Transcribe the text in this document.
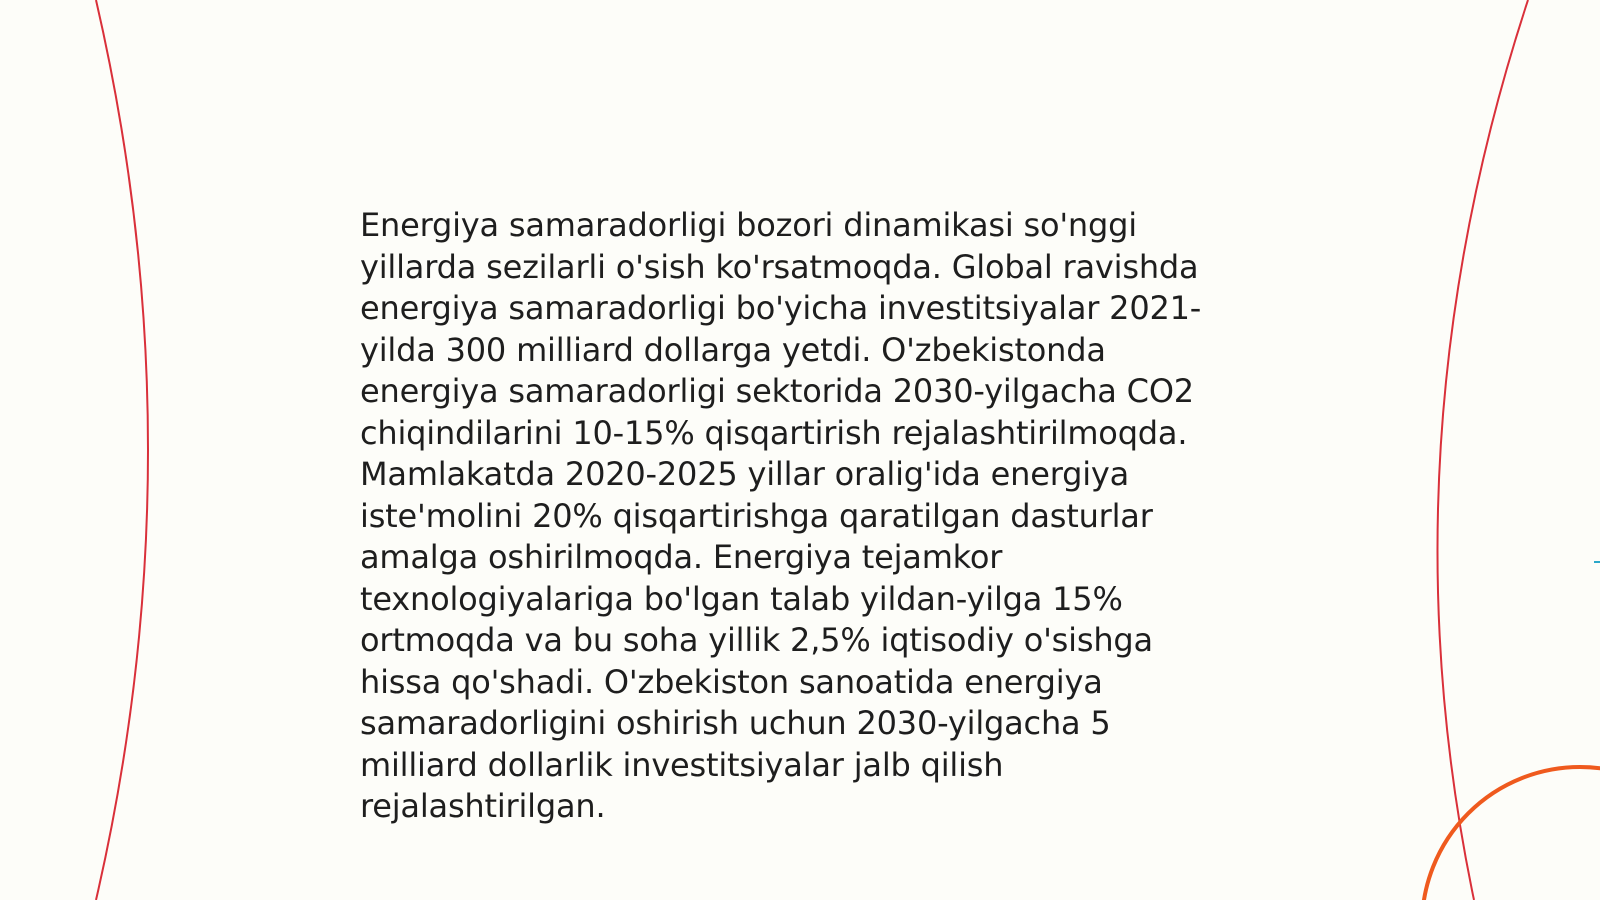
Energiya samaradorligi bozori dinamikasi so'nggi
yillarda sezilarli o'sish ko'rsatmoqda. Global ravishda
energiya samaradorligi bo'yicha investitsiyalar 2021-
yilda 300 milliard dollarga yetdi. O'zbekistonda
energiya samaradorligi sektorida 2030-yilgacha CO2
chiqindilarini 10-15% qisqartirish rejalashtirilmoqda.
Mamlakatda 2020-2025 yillar oralig'ida energiya
iste'molini 20% qisqartirishga qaratilgan dasturlar
amalga oshirilmoqda. Energiya tejamkor
texnologiyalariga bo'lgan talab yildan-yilga 15%
ortmoqda va bu soha yillik 2,5% iqtisodiy o'sishga
hissa qo'shadi. O'zbekiston sanoatida energiya
samaradorligini oshirish uchun 2030-yilgacha 5
milliard dollarlik investitsiyalar jalb qilish
rejalashtirilgan.
